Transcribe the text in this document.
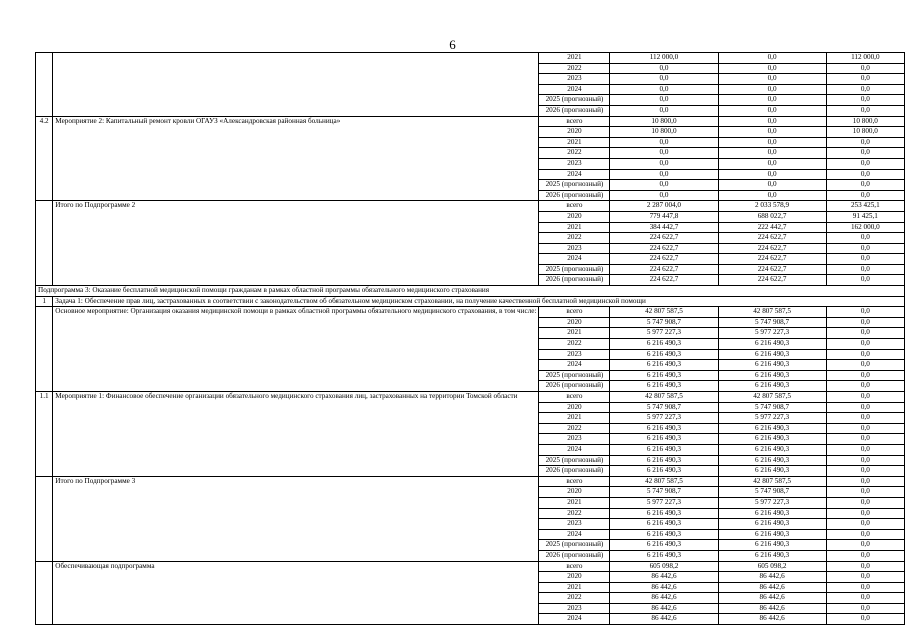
6
		2021	112 000,0	0,0	112 000,0
		2022	0,0	0,0	0,0
		2023	0,0	0,0	0,0
		2024	0,0	0,0	0,0
		2025 (прогнозный)	0,0	0,0	0,0
		2026 (прогнозный)	0,0	0,0	0,0
4.2	Мероприятие 2: Капитальный ремонт кровли ОГАУЗ «Александровская районная больница»	всего	10 800,0	0,0	10 800,0
		2020	10 800,0	0,0	10 800,0
		2021	0,0	0,0	0,0
		2022	0,0	0,0	0,0
		2023	0,0	0,0	0,0
		2024	0,0	0,0	0,0
		2025 (прогнозный)	0,0	0,0	0,0
		2026 (прогнозный)	0,0	0,0	0,0
	Итого по Подпрограмме 2	всего	2 287 004,0	2 033 578,9	253 425,1
		2020	779 447,8	688 022,7	91 425,1
		2021	384 442,7	222 442,7	162 000,0
		2022	224 622,7	224 622,7	0,0
		2023	224 622,7	224 622,7	0,0
		2024	224 622,7	224 622,7	0,0
		2025 (прогнозный)	224 622,7	224 622,7	0,0
		2026 (прогнозный)	224 622,7	224 622,7	0,0
Подпрограмма 3: Оказание бесплатной медицинской помощи гражданам в рамках областной программы обязательного медицинского страхования					
1	Задача 1: Обеспечение прав лиц, застрахованных в соответствии с законодательством об обязательном медицинском страховании, на получение качественной бесплатной медицинской помощи				
	Основное мероприятие: Организация оказания медицинской помощи в рамках областной программы обязательного медицинского страхования, в том числе:	всего	42 807 587,5	42 807 587,5	0,0
		2020	5 747 908,7	5 747 908,7	0,0
		2021	5 977 227,3	5 977 227,3	0,0
		2022	6 216 490,3	6 216 490,3	0,0
		2023	6 216 490,3	6 216 490,3	0,0
		2024	6 216 490,3	6 216 490,3	0,0
		2025 (прогнозный)	6 216 490,3	6 216 490,3	0,0
		2026 (прогнозный)	6 216 490,3	6 216 490,3	0,0
1.1	Мероприятие 1: Финансовое обеспечение организации обязательного медицинского страхования лиц, застрахованных на территории Томской области	всего	42 807 587,5	42 807 587,5	0,0
		2020	5 747 908,7	5 747 908,7	0,0
		2021	5 977 227,3	5 977 227,3	0,0
		2022	6 216 490,3	6 216 490,3	0,0
		2023	6 216 490,3	6 216 490,3	0,0
		2024	6 216 490,3	6 216 490,3	0,0
		2025 (прогнозный)	6 216 490,3	6 216 490,3	0,0
		2026 (прогнозный)	6 216 490,3	6 216 490,3	0,0
	Итого по Подпрограмме 3	всего	42 807 587,5	42 807 587,5	0,0
		2020	5 747 908,7	5 747 908,7	0,0
		2021	5 977 227,3	5 977 227,3	0,0
		2022	6 216 490,3	6 216 490,3	0,0
		2023	6 216 490,3	6 216 490,3	0,0
		2024	6 216 490,3	6 216 490,3	0,0
		2025 (прогнозный)	6 216 490,3	6 216 490,3	0,0
		2026 (прогнозный)	6 216 490,3	6 216 490,3	0,0
	Обеспечивающая подпрограмма	всего	605 098,2	605 098,2	0,0
		2020	86 442,6	86 442,6	0,0
		2021	86 442,6	86 442,6	0,0
		2022	86 442,6	86 442,6	0,0
		2023	86 442,6	86 442,6	0,0
		2024	86 442,6	86 442,6	0,0
